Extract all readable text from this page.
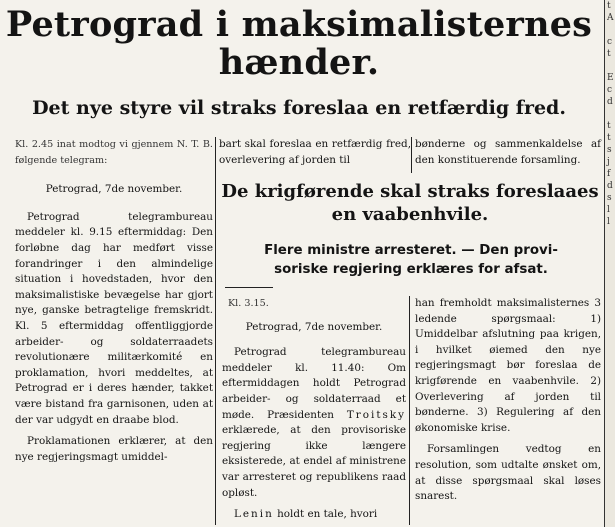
Petrograd i maksimalisternes
hænder.
Det nye styre vil straks foreslaa en retfærdig fred.

Kl. 2.45 inat modtog vi gjennem N. T. B. følgende telegram:

Petrograd, 7de november.

Petrograd telegrambureau meddeler kl. 9.15 eftermiddag: Den forløbne dag har medført visse forandringer i den almindelige situation i hovedstaden, hvor den maksimalistiske bevægelse har gjort nye, ganske betragtelige fremskridt. Kl. 5 eftermiddag offentliggjorde arbeider- og soldaterraadets revolutionære militærkomité en proklamation, hvori meddeltes, at Petrograd er i deres hænder, takket være bistand fra garnisonen, uden at der var udgydt en draabe blod.

Proklamationen erklærer, at den nye regjeringsmagt umiddel-

bart skal foreslaa en retfærdig fred, overlevering af jorden til

bønderne og sammenkaldelse af den konstituerende forsamling.

De krigførende skal straks foreslaaes
en vaabenhvile.
Flere ministre arresteret. — Den provi-
soriske regjering erklæres for afsat.

Kl. 3.15.

Petrograd, 7de november.

Petrograd telegrambureau meddeler kl. 11.40: Om eftermiddagen holdt Petrograd arbeider- og soldaterraad et møde. Præsidenten Troitsky erklærede, at den provisoriske regjering ikke længere eksisterede, at endel af ministrene var arresteret og republikens raad opløst.

Lenin holdt en tale, hvori

han fremholdt maksimalisternes 3 ledende spørgsmaal: 1) Umiddelbar afslutning paa krigen, i hvilket øiemed den nye regjeringsmagt bør foreslaa de krigførende en vaabenhvile. 2) Overlevering af jorden til bønderne. 3) Regulering af den økonomiske krise.

Forsamlingen vedtog en resolution, som udtalte ønsket om, at disse spørgsmaal skal løses snarest.

t
A

c
t

E
c
d

t
t
s
j
f
d
s
l
l
